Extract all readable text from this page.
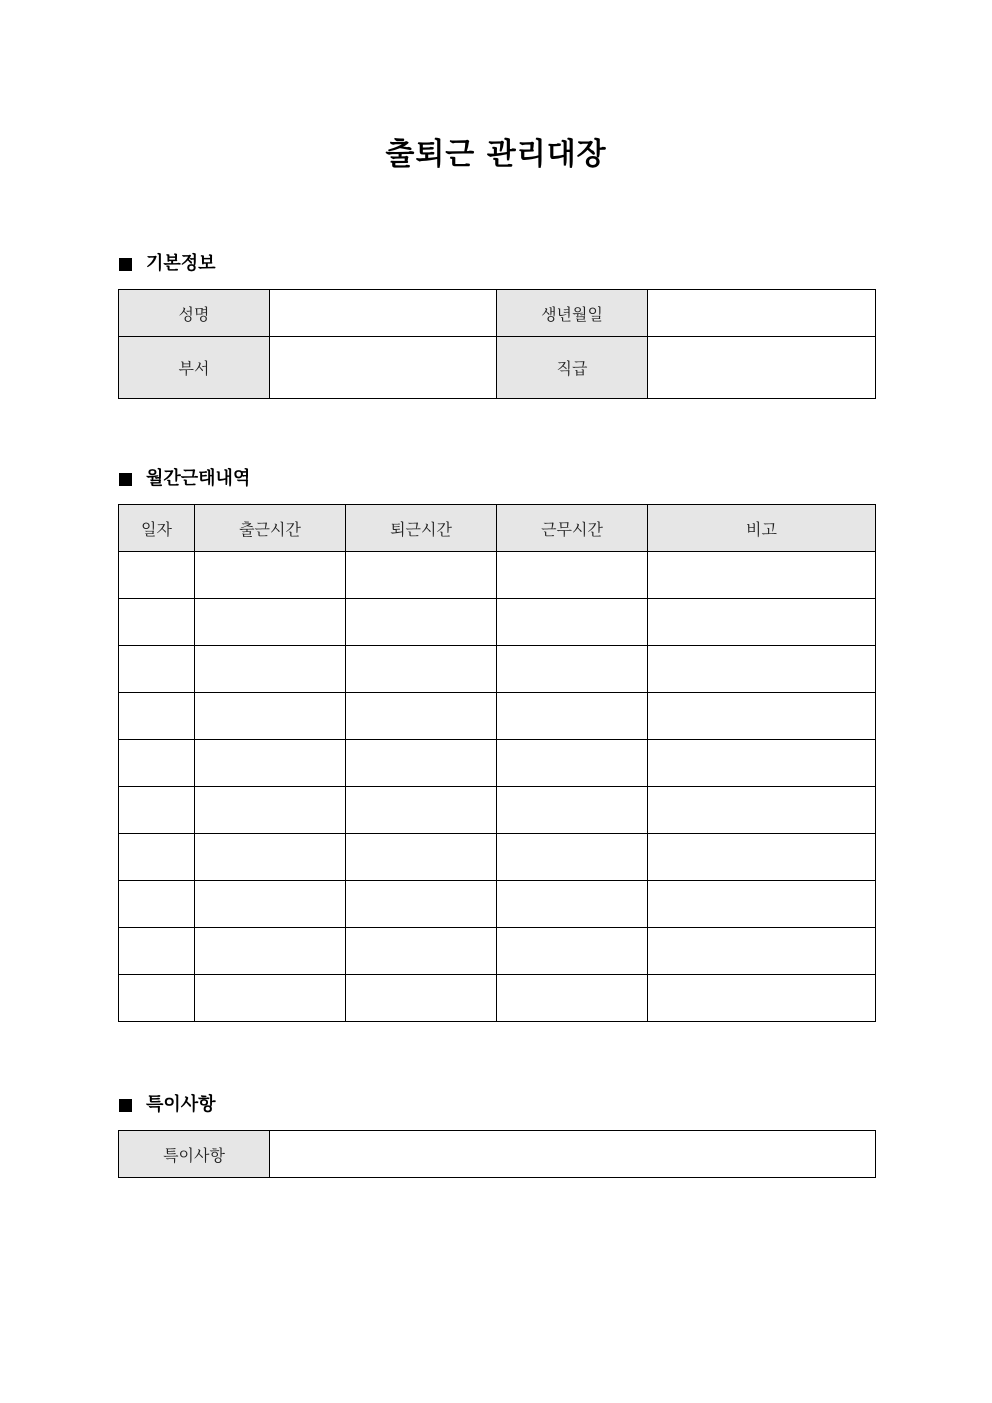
출퇴근 관리대장
기본정보
성명		생년월일	
부서		직급	
월간근태내역
일자	출근시간	퇴근시간	근무시간	비고

특이사항
특이사항	
